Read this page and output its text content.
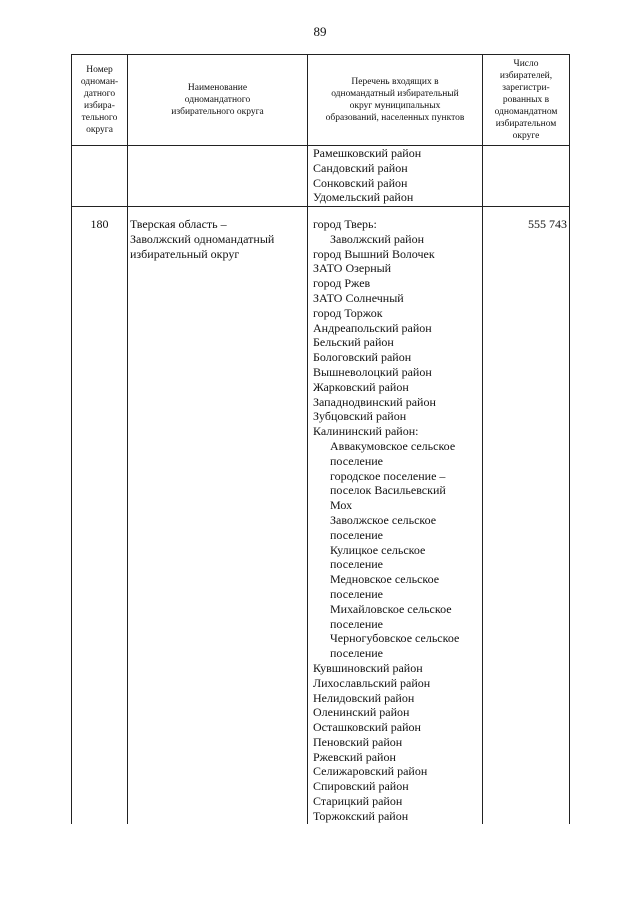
89
Номер
одноман-
датного
избира-
тельного
округа
Наименование
одномандатного
избирательного округа
Перечень входящих в
одномандатный избирательный
округ муниципальных
образований, населенных пунктов
Число
избирателей,
зарегистри-
рованных в
одномандатном
избирательном
округе
Рамешковский район
Сандовский район
Сонковский район
Удомельский район
180	Тверская область –
Заволжский одномандатный
избирательный округ
555 743
город Тверь:
Заволжский район
город Вышний Волочек
ЗАТО Озерный
город Ржев
ЗАТО Солнечный
город Торжок
Андреапольский район
Бельский район
Бологовский район
Вышневолоцкий район
Жарковский район
Западнодвинский район
Зубцовский район
Калининский район:
Аввакумовское сельское
поселение
городское поселение –
поселок Васильевский
Мох
Заволжское сельское
поселение
Кулицкое сельское
поселение
Медновское сельское
поселение
Михайловское сельское
поселение
Черногубовское сельское
поселение
Кувшиновский район
Лихославльский район
Нелидовский район
Оленинский район
Осташковский район
Пеновский район
Ржевский район
Селижаровский район
Спировский район
Старицкий район
Торжокский район
